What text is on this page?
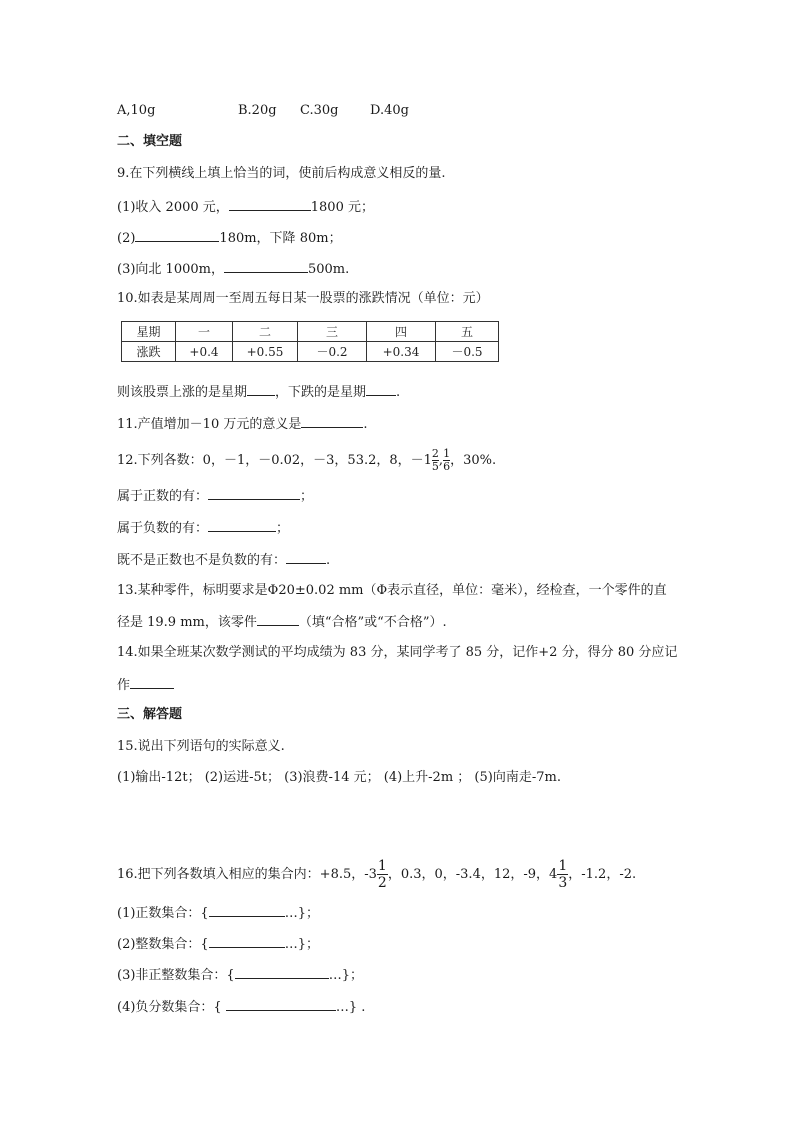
A,10g	B.20g C.30g D.40g
二、填空题
9.在下列横线上填上恰当的词，使前后构成意义相反的量.
(1)收入 2000 元，	1800 元；
(2)	180m，下降 80m；
(3)向北 1000m，	500m.
10.如表是某周周一至周五每日某一股票的涨跌情况（单位：元）
星期	一	二	三	四	五
涨跌	+0.4	+0.55	－0.2	+0.34	－0.5
则该股票上涨的是星期 ，下跌的是星期 .
11.产值增加－10 万元的意义是	.
12.下列各数：0，－1，－0.02，－3，53.2，8，$-1 \frac{2}{5}$ , $\frac{1}{6}$ ，30%.
属于正数的有：	；
属于负数的有：	；
既不是正数也不是负数的有：	.
13.某种零件，标明要求是Φ20±0.02 mm（Φ表示直径，单位：毫米），经检查，一个零件的直
径是 19.9 mm，该零件	（填“合格”或“不合格”）.
14.如果全班某次数学测试的平均成绩为 83 分，某同学考了 85 分，记作+2 分，得分 80 分应记
作
三、解答题
15.说出下列语句的实际意义.
(1)输出-12t； (2)运进-5t； (3)浪费-14 元； (4)上升-2m ； (5)向南走-7m.
16.把下列各数填入相应的集合内：+8.5，$-3 \frac{1}{2}$ ，0.3，0，-3.4，12，-9，$4 \frac{1}{3}$ ，-1.2，-2.
(1)正数集合：{	…}；
(2)整数集合：{	…}；
(3)非正整数集合：{	…}；
(4)负分数集合：{	…} .
